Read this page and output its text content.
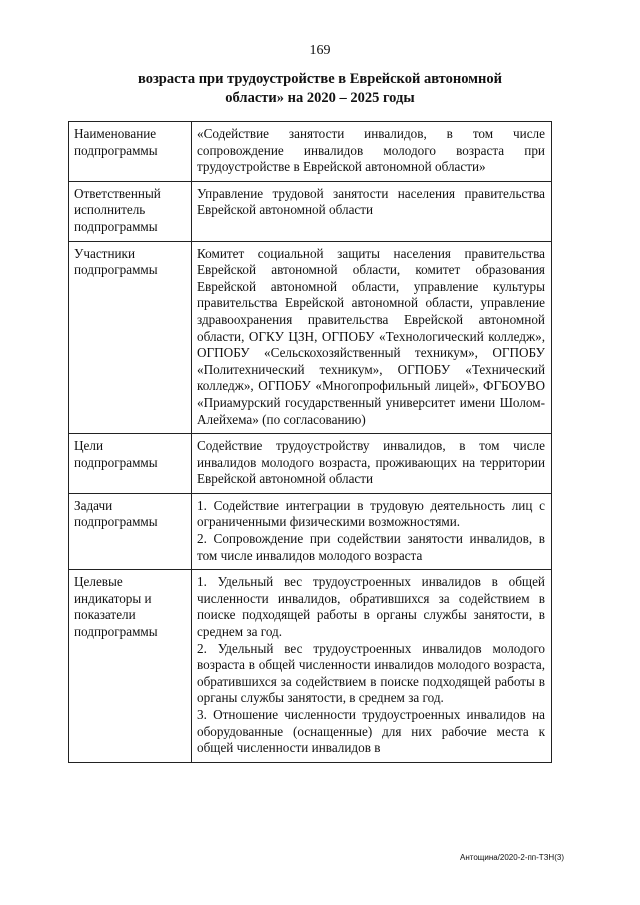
169
возраста при трудоустройстве в Еврейской автономной области» на 2020 – 2025 годы
Наименование подпрограммы	«Содействие занятости инвалидов, в том числе сопровождение инвалидов молодого возраста при трудоустройстве в Еврейской автономной области»

Ответственный исполнитель подпрограммы	Управление трудовой занятости населения правительства Еврейской автономной области

Участники подпрограммы	Комитет социальной защиты населения правительства Еврейской автономной области, комитет образования Еврейской автономной области, управление культуры правительства Еврейской автономной области, управление здравоохранения правительства Еврейской автономной области, ОГКУ ЦЗН, ОГПОБУ «Технологический колледж», ОГПОБУ «Сельскохозяйственный техникум», ОГПОБУ «Политехнический техникум», ОГПОБУ «Технический колледж», ОГПОБУ «Многопрофильный лицей», ФГБОУВО «Приамурский государственный университет имени Шолом-Алейхема» (по согласованию)

Цели подпрограммы	Содействие трудоустройству инвалидов, в том числе инвалидов молодого возраста, проживающих на территории Еврейской автономной области

Задачи подпрограммы	1. Содействие интеграции в трудовую деятельность лиц с ограниченными физическими возможностями.
2. Сопровождение при содействии занятости инвалидов, в том числе инвалидов молодого возраста

Целевые индикаторы и показатели подпрограммы	1. Удельный вес трудоустроенных инвалидов в общей численности инвалидов, обратившихся за содействием в поиске подходящей работы в органы службы занятости, в среднем за год.
2. Удельный вес трудоустроенных инвалидов молодого возраста в общей численности инвалидов молодого возраста, обратившихся за содействием в поиске подходящей работы в органы службы занятости, в среднем за год.
3. Отношение численности трудоустроенных инвалидов на оборудованные (оснащенные) для них рабочие места к общей численности инвалидов в
Антощина/2020-2-пп-ТЗН(3)
